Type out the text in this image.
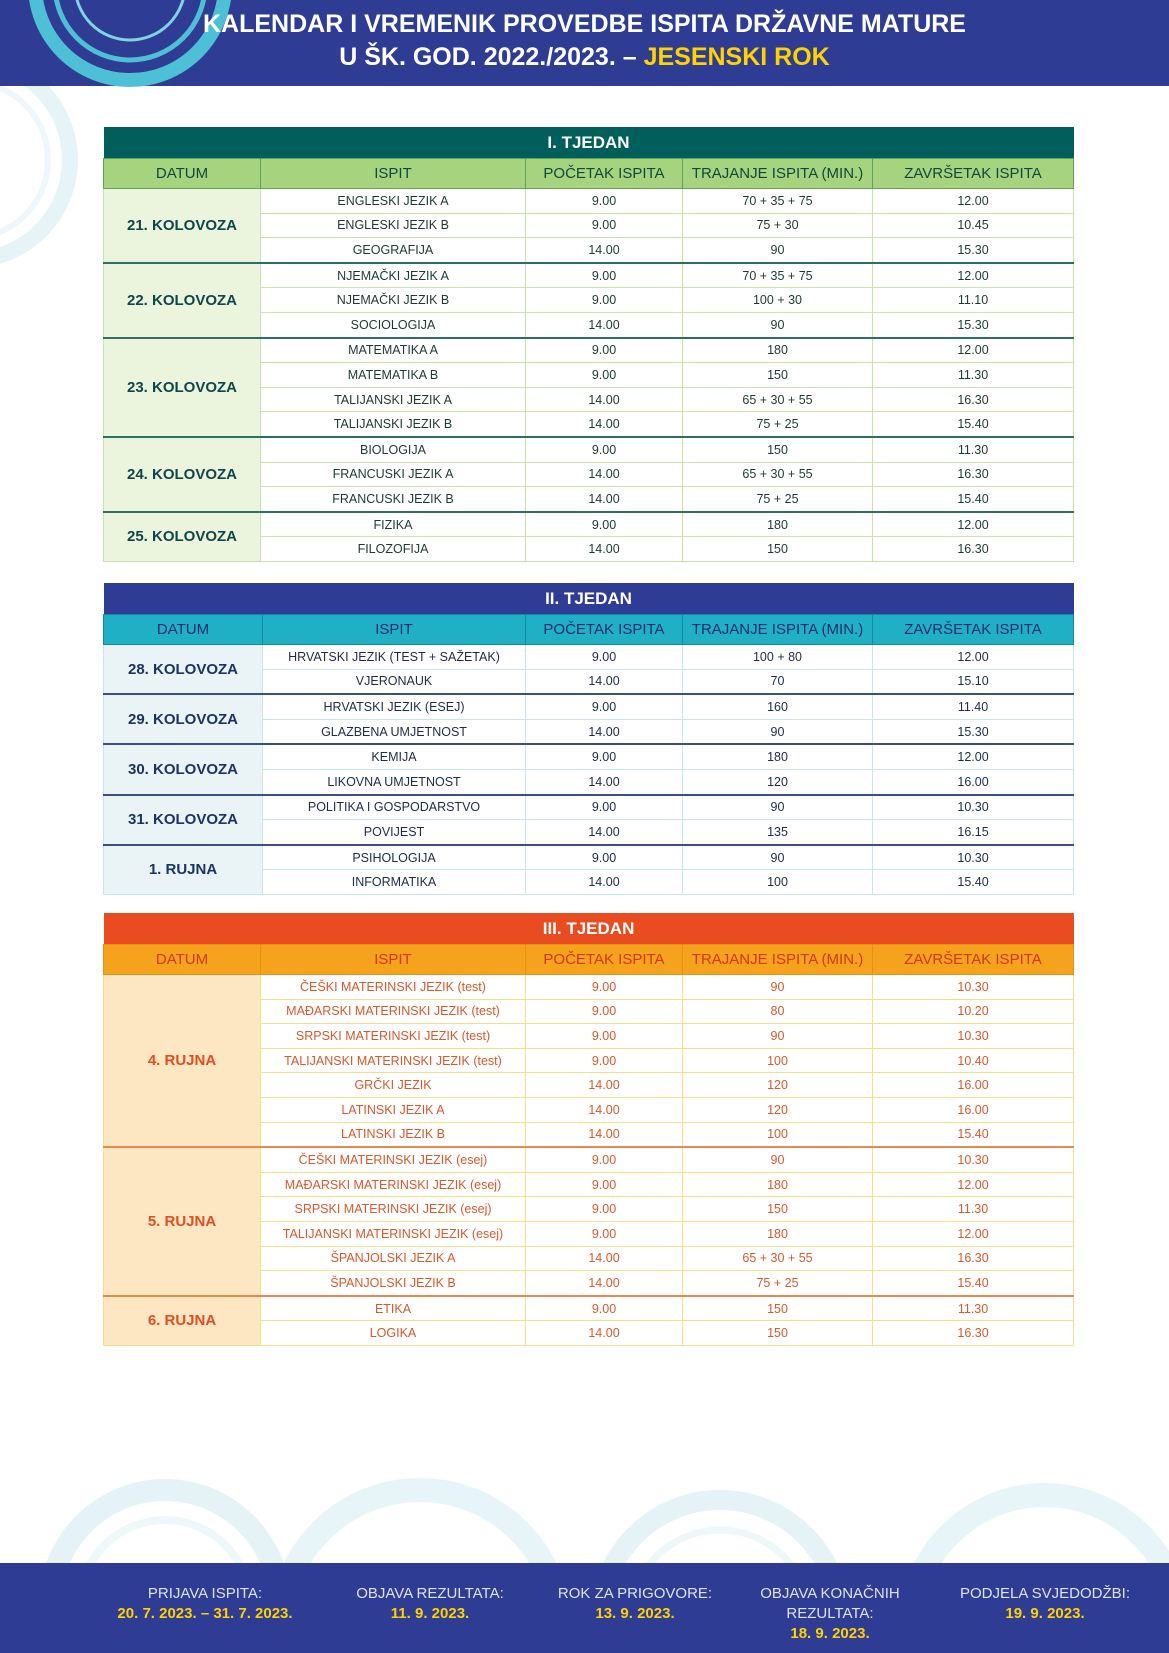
KALENDAR I VREMENIK PROVEDBE ISPITA DRŽAVNE MATURE
U ŠK. GOD. 2022./2023. – JESENSKI ROK
I. TJEDAN				
DATUM	ISPIT	POČETAK ISPITA	TRAJANJE ISPITA (MIN.)	ZAVRŠETAK ISPITA
21. KOLOVOZA	ENGLESKI JEZIK A	9.00	70 + 35 + 75	12.00
	ENGLESKI JEZIK B	9.00	75 + 30	10.45
	GEOGRAFIJA	14.00	90	15.30
22. KOLOVOZA	NJEMAČKI JEZIK A	9.00	70 + 35 + 75	12.00
	NJEMAČKI JEZIK B	9.00	100 + 30	11.10
	SOCIOLOGIJA	14.00	90	15.30
23. KOLOVOZA	MATEMATIKA A	9.00	180	12.00
	MATEMATIKA B	9.00	150	11.30
	TALIJANSKI JEZIK A	14.00	65 + 30 + 55	16.30
	TALIJANSKI JEZIK B	14.00	75 + 25	15.40
24. KOLOVOZA	BIOLOGIJA	9.00	150	11.30
	FRANCUSKI JEZIK A	14.00	65 + 30 + 55	16.30
	FRANCUSKI JEZIK B	14.00	75 + 25	15.40
25. KOLOVOZA	FIZIKA	9.00	180	12.00
	FILOZOFIJA	14.00	150	16.30
II. TJEDAN				
DATUM	ISPIT	POČETAK ISPITA	TRAJANJE ISPITA (MIN.)	ZAVRŠETAK ISPITA
28. KOLOVOZA	HRVATSKI JEZIK (TEST + SAŽETAK)	9.00	100 + 80	12.00
	VJERONAUK	14.00	70	15.10
29. KOLOVOZA	HRVATSKI JEZIK (ESEJ)	9.00	160	11.40
	GLAZBENA UMJETNOST	14.00	90	15.30
30. KOLOVOZA	KEMIJA	9.00	180	12.00
	LIKOVNA UMJETNOST	14.00	120	16.00
31. KOLOVOZA	POLITIKA I GOSPODARSTVO	9.00	90	10.30
	POVIJEST	14.00	135	16.15
1. RUJNA	PSIHOLOGIJA	9.00	90	10.30
	INFORMATIKA	14.00	100	15.40
III. TJEDAN				
DATUM	ISPIT	POČETAK ISPITA	TRAJANJE ISPITA (MIN.)	ZAVRŠETAK ISPITA
4. RUJNA	ČEŠKI MATERINSKI JEZIK (test)	9.00	90	10.30
	MAĐARSKI MATERINSKI JEZIK (test)	9.00	80	10.20
	SRPSKI MATERINSKI JEZIK (test)	9.00	90	10.30
	TALIJANSKI MATERINSKI JEZIK (test)	9.00	100	10.40
	GRČKI JEZIK	14.00	120	16.00
	LATINSKI JEZIK A	14.00	120	16.00
	LATINSKI JEZIK B	14.00	100	15.40
5. RUJNA	ČEŠKI MATERINSKI JEZIK (esej)	9.00	90	10.30
	MAĐARSKI MATERINSKI JEZIK (esej)	9.00	180	12.00
	SRPSKI MATERINSKI JEZIK (esej)	9.00	150	11.30
	TALIJANSKI MATERINSKI JEZIK (esej)	9.00	180	12.00
	ŠPANJOLSKI JEZIK A	14.00	65 + 30 + 55	16.30
	ŠPANJOLSKI JEZIK B	14.00	75 + 25	15.40
6. RUJNA	ETIKA	9.00	150	11.30
	LOGIKA	14.00	150	16.30
PRIJAVA ISPITA:
20. 7. 2023. – 31. 7. 2023.
OBJAVA REZULTATA:
11. 9. 2023.
ROK ZA PRIGOVORE:
13. 9. 2023.
OBJAVA KONAČNIH REZULTATA:
18. 9. 2023.
PODJELA SVJEDODŽBI:
19. 9. 2023.
